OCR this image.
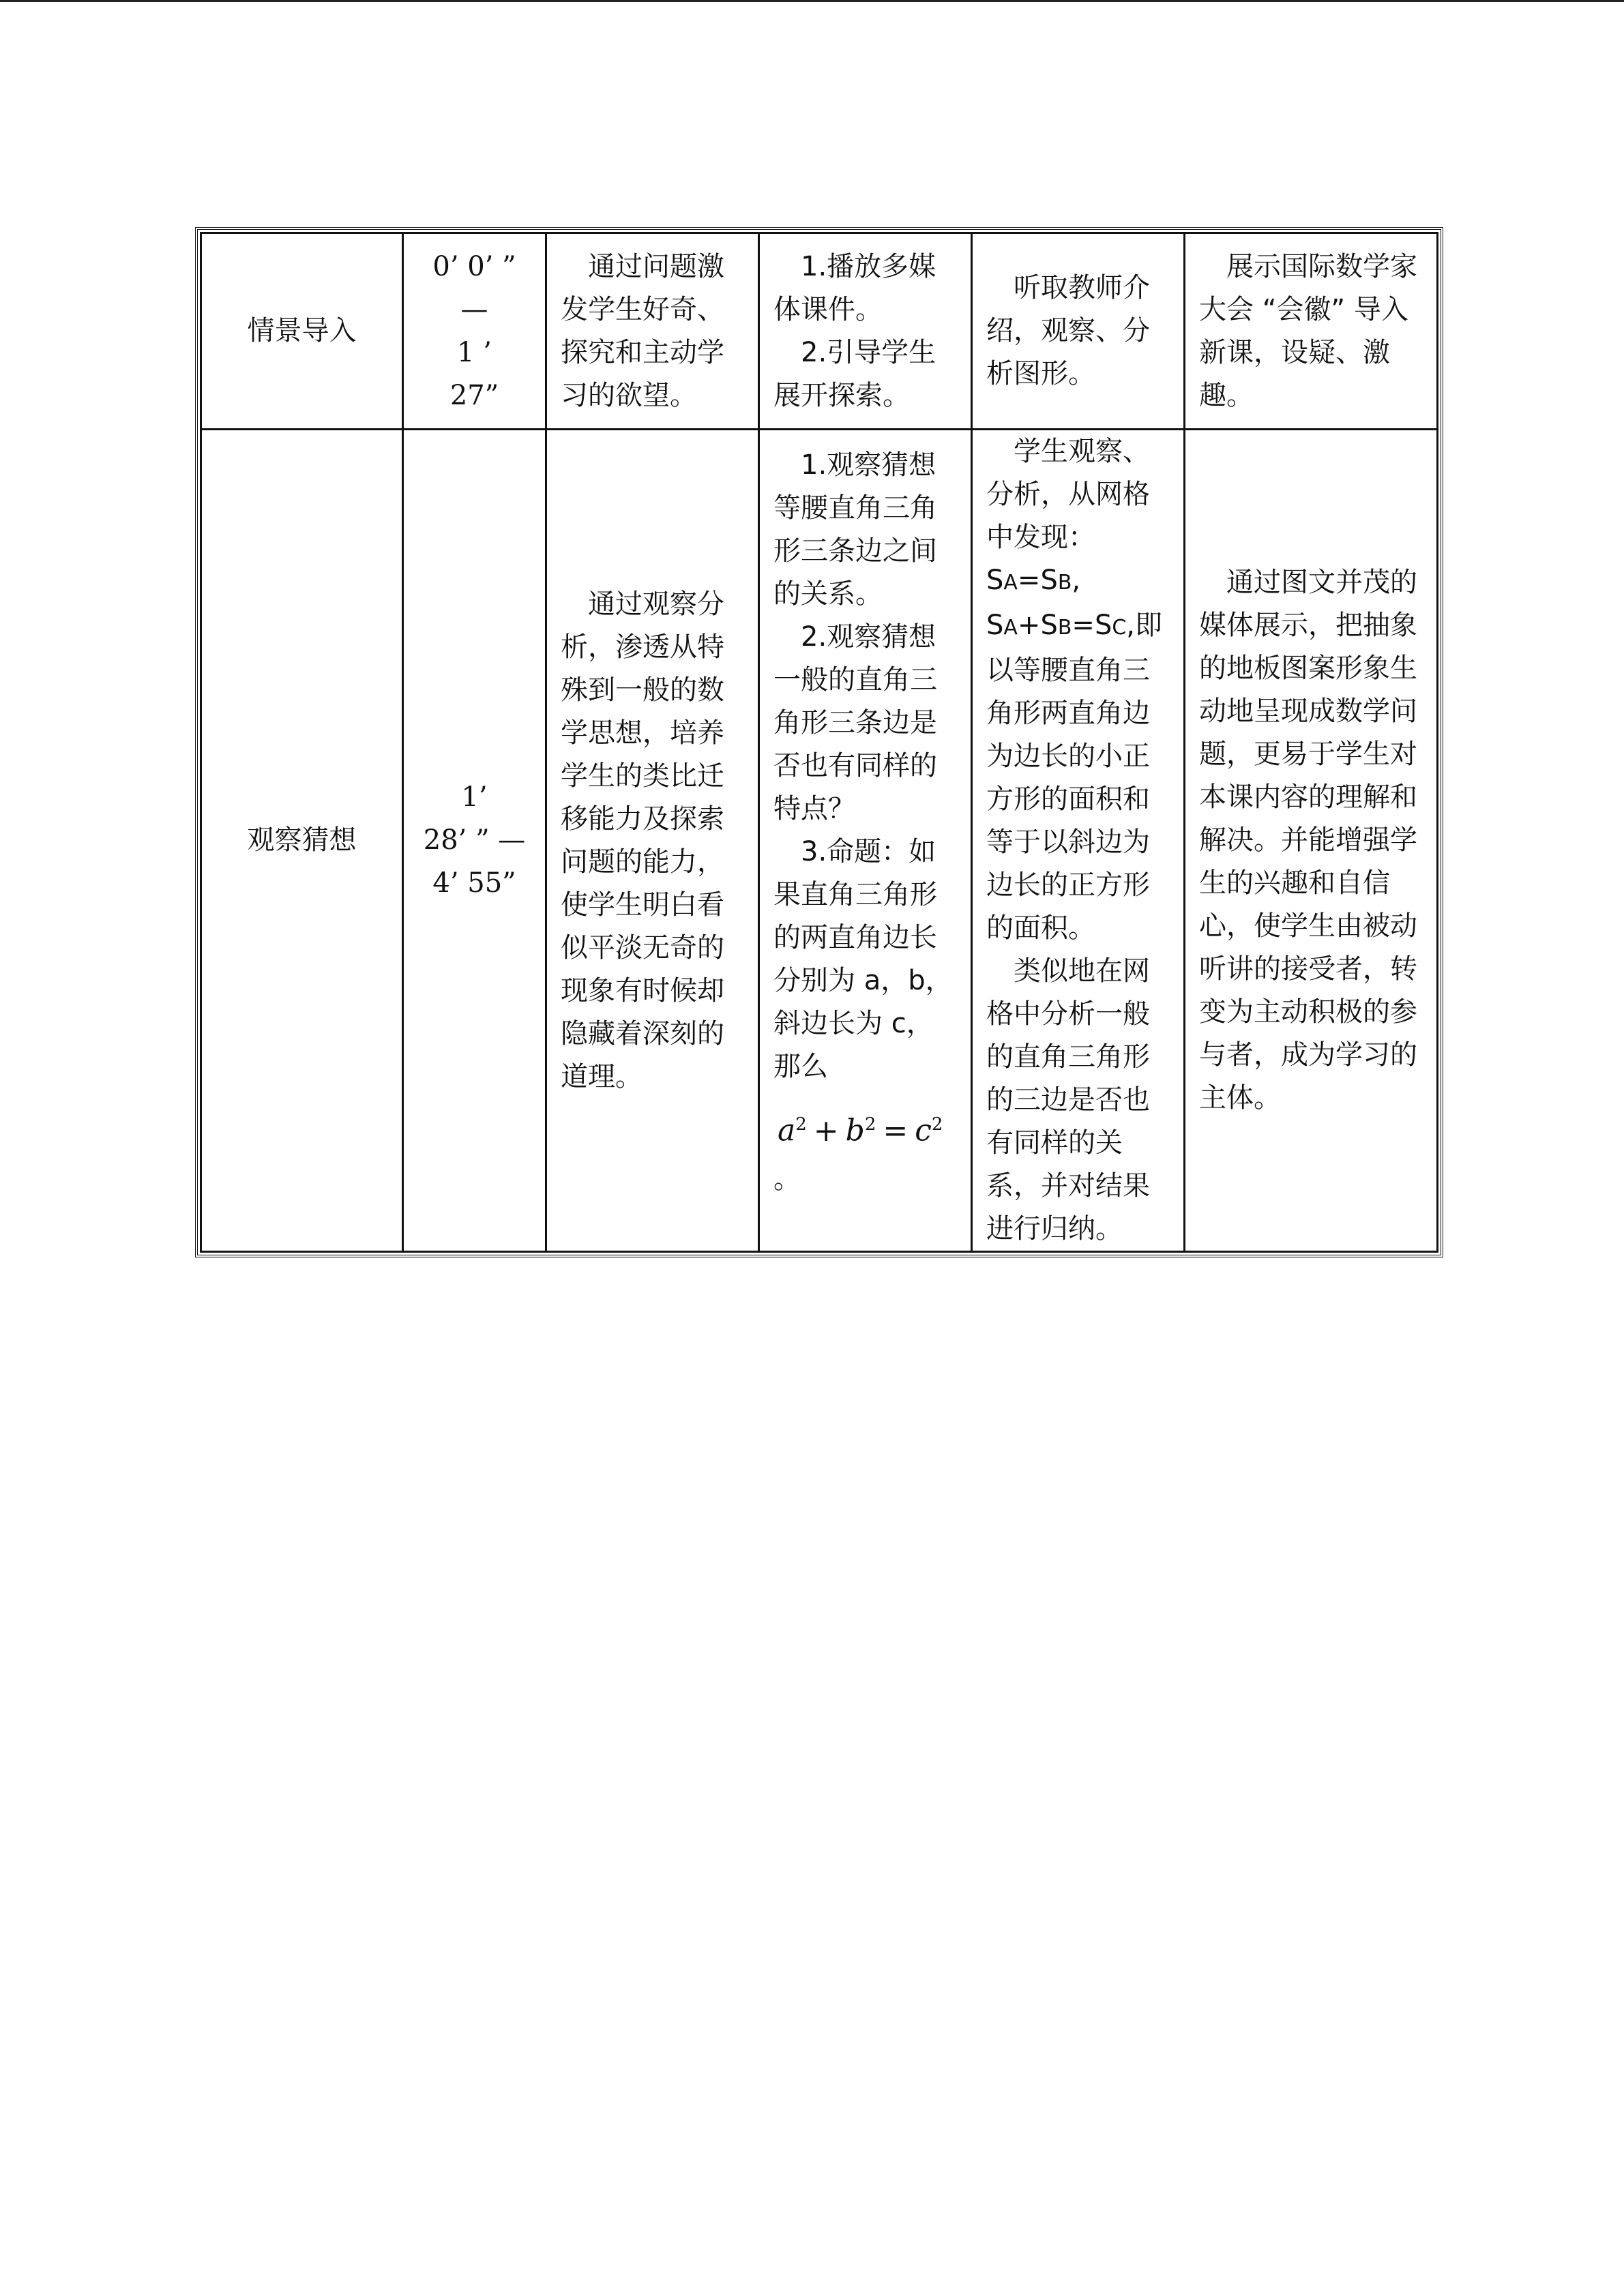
情景导入	0’ 0’ ”
—
1 ’
27”	通过问题激发学生好奇、探究和主动学习的欲望。	1.播放多媒体课件。
2.引导学生展开探索。	听取教师介绍，观察、分析图形。	展示国际数学家大会 “会徽” 导入新课，设疑、激趣。

观察猜想	1’
28’ ” —
4’ 55”	通过观察分析，渗透从特殊到一般的数学思想，培养学生的类比迁移能力及探索问题的能力，使学生明白看似平淡无奇的现象有时候却隐藏着深刻的道理。	1.观察猜想等腰直角三角形三条边之间的关系。
2.观察猜想一般的直角三角形三条边是否也有同样的特点？
3.命题：如果直角三角形的两直角边长分别为 a，b，斜边长为 c，那么
$a^2 + b^2 = c^2$
。	学生观察、分析，从网格中发现：
SA=SB,
SA+SB=SC,即以等腰直角三角形两直角边为边长的小正方形的面积和等于以斜边为边长的正方形的面积。
类似地在网格中分析一般的直角三角形的三边是否也有同样的关系，并对结果进行归纳。	通过图文并茂的媒体展示，把抽象的地板图案形象生动地呈现成数学问题，更易于学生对本课内容的理解和解决。并能增强学生的兴趣和自信心，使学生由被动听讲的接受者，转变为主动积极的参与者，成为学习的主体。
